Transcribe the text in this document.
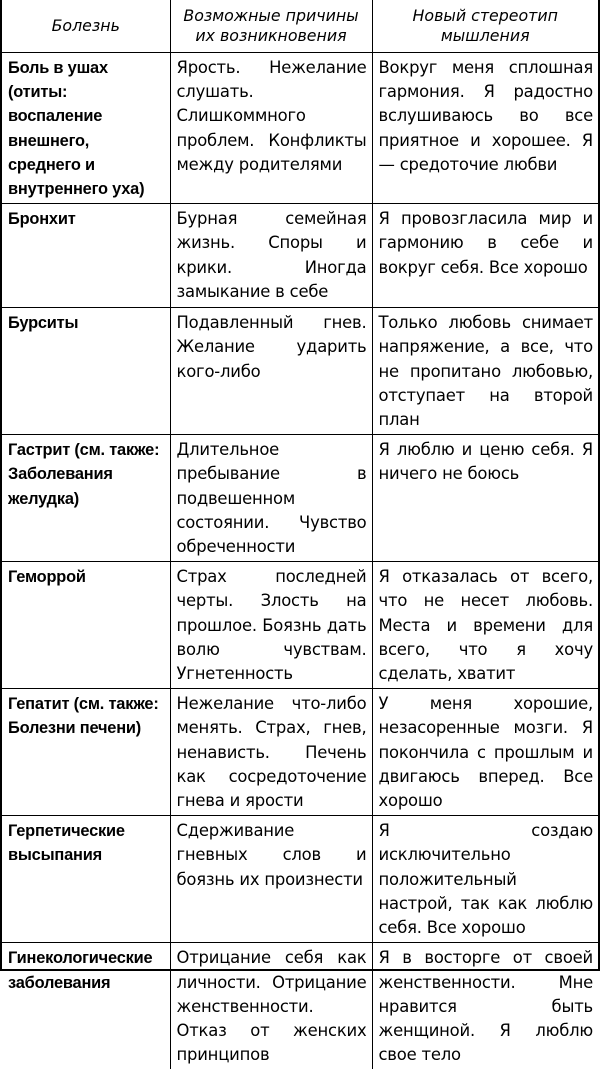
Болезнь	Возможные причины их возникновения	Новый стереотип мышления
Боль в ушах (отиты: воспаление внешнего, среднего и внутреннего уха)	Ярость. Нежелание слушать. Слишкоммного проблем. Конфликты между родителями	Вокруг меня сплошная гармония. Я радостно вслушиваюсь во все приятное и хорошее. Я — средоточие любви
Бронхит	Бурная семейная жизнь. Споры и крики. Иногда замыкание в себе	Я провозгласила мир и гармонию в себе и вокруг себя. Все хорошо
Бурситы	Подавленный гнев. Желание ударить кого-либо	Только любовь снимает напряжение, а все, что не пропитано любовью, отступает на второй план
Гастрит (см. также: Заболевания желудка)	Длительное пребывание в подвешенном состоянии. Чувство обреченности	Я люблю и ценю себя. Я ничего не боюсь
Геморрой	Страх последней черты. Злость на прошлое. Боязнь дать волю чувствам. Угнетенность	Я отказалась от всего, что не несет любовь. Места и времени для всего, что я хочу сделать, хватит
Гепатит (см. также: Болезни печени)	Нежелание что-либо менять. Страх, гнев, ненависть. Печень как сосредоточение гнева и ярости	У меня хорошие, незасоренные мозги. Я покончила с прошлым и двигаюсь вперед. Все хорошо
Герпетические высыпания	Сдерживание гневных слов и боязнь их произнести	Я создаю исключительно положительный настрой, так как люблю себя. Все хорошо
Гинекологические заболевания	Отрицание себя как личности. Отрицание женственности. Отказ от женских принципов	Я в восторге от своей женственности. Мне нравится быть женщиной. Я люблю свое тело
